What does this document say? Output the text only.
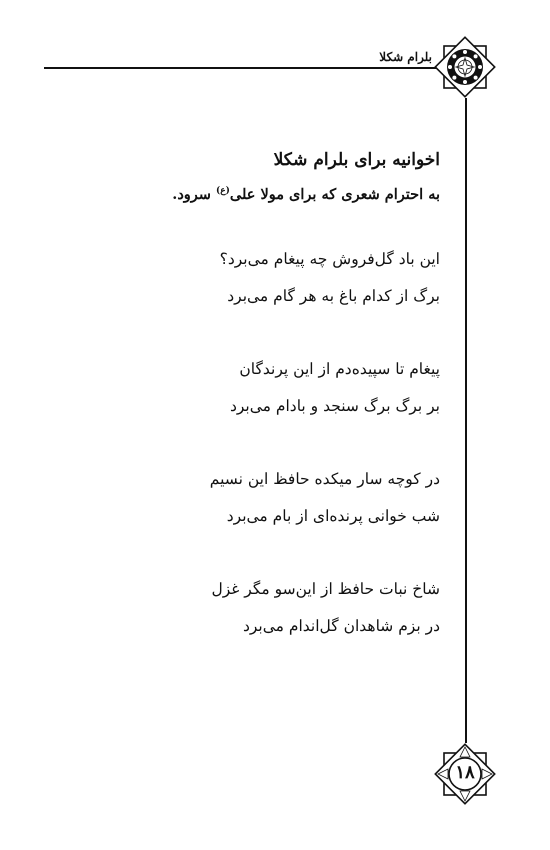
بلرام شکلا
اخوانیه برای بلرام شکلا
به احترام شعری که برای مولا علی$^{(ع)}$ سرود.
این باد گل‌فروش چه پیغام می‌برد؟
برگ از کدام باغ به هر گام می‌برد
پیغام تا سپیده‌دم از این پرندگان
بر برگ برگ سنجد و بادام می‌برد
در کوچه سار میکده حافظ این نسیم
شب خوانی پرنده‌ای از بام می‌برد
شاخ نبات حافظ از این‌سو مگر غزل
در بزم شاهدان گل‌اندام می‌برد
۱۸
